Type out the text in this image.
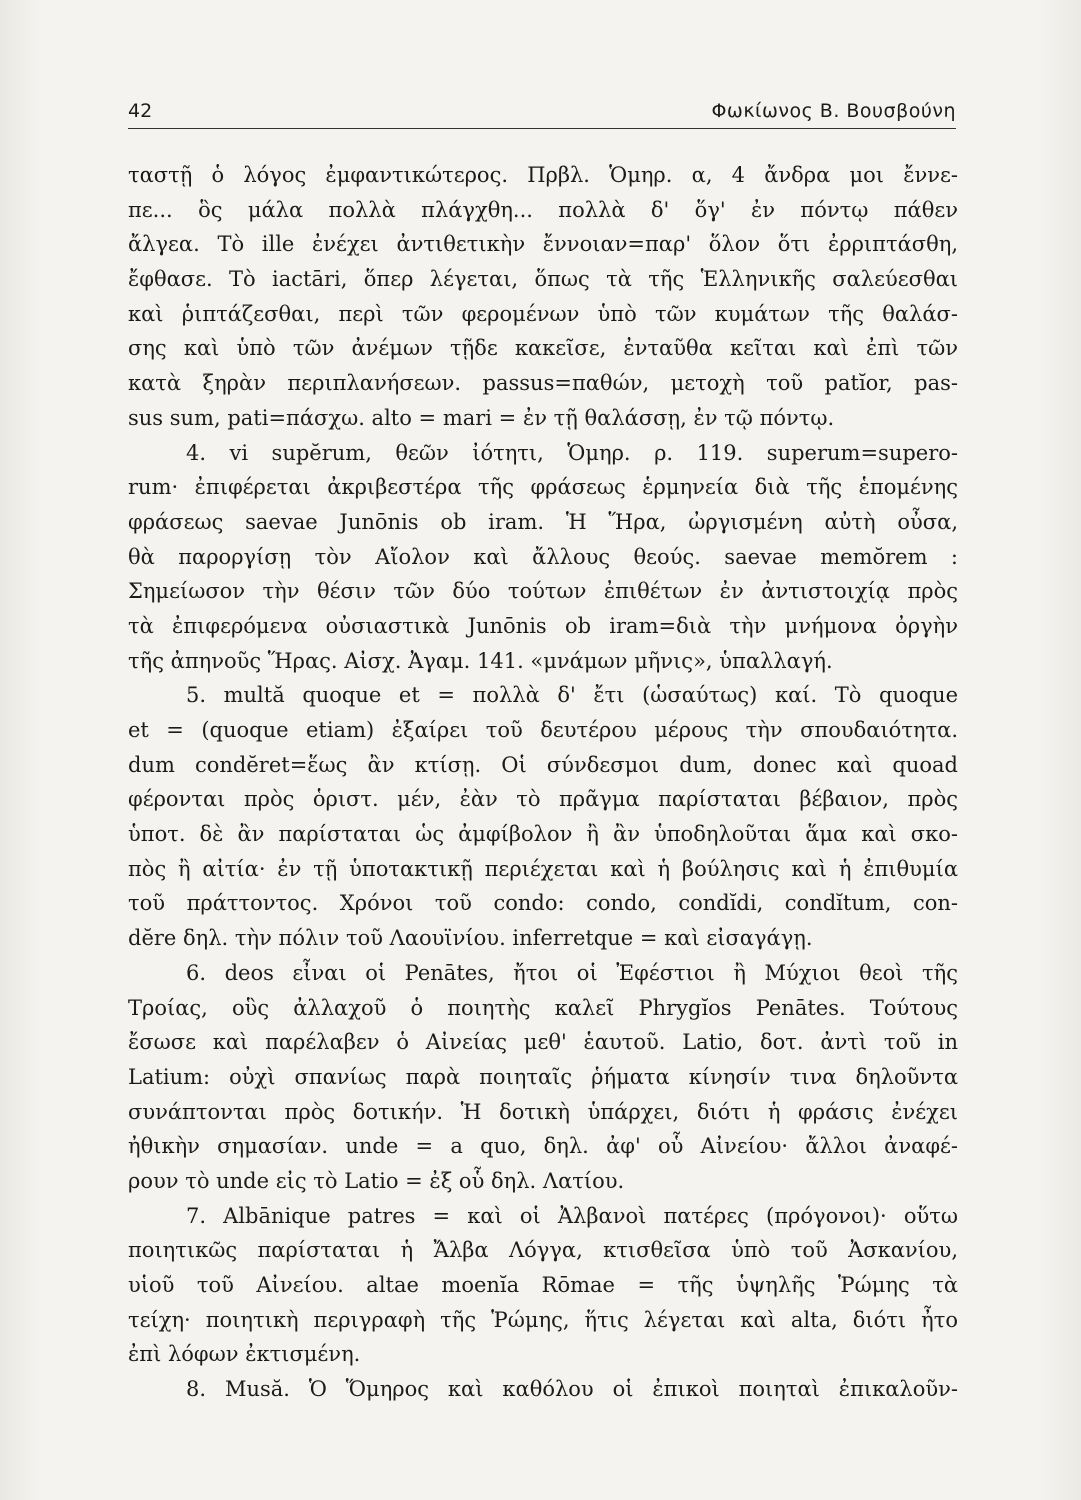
42	Φωκίωνος Β. Βουσβούνη
ταστῇ ὁ λόγος ἐμφαντικώτερος. Πρβλ. Ὁμηρ. α, 4 ἄνδρα μοι ἔννε-
πε... ὃς μάλα πολλὰ πλάγχθη... πολλὰ δ' ὅγ' ἐν πόντῳ πάθεν
ἄλγεα. Τὸ ille ἐνέχει ἀντιθετικὴν ἔννοιαν=παρ' ὅλον ὅτι ἐρριπτάσθη,
ἔφθασε. Τὸ iactāri, ὅπερ λέγεται, ὅπως τὰ τῆς Ἑλληνικῆς σαλεύεσθαι
καὶ ῥιπτάζεσθαι, περὶ τῶν φερομένων ὑπὸ τῶν κυμάτων τῆς θαλάσ-
σης καὶ ὑπὸ τῶν ἀνέμων τῇδε κακεῖσε, ἐνταῦθα κεῖται καὶ ἐπὶ τῶν
κατὰ ξηρὰν περιπλανήσεων. passus=παθών, μετοχὴ τοῦ patĭor, pas-
sus sum, pati=πάσχω. alto = mari = ἐν τῇ θαλάσσῃ, ἐν τῷ πόντῳ.
4. vi supĕrum, θεῶν ἰότητι, Ὁμηρ. ρ. 119. superum=supero-
rum· ἐπιφέρεται ἀκριβεστέρα τῆς φράσεως ἑρμηνεία διὰ τῆς ἑπομένης
φράσεως saevae Junōnis ob iram. Ἡ Ἥρα, ὠργισμένη αὐτὴ οὖσα,
θὰ παροργίσῃ τὸν Αἴολον καὶ ἄλλους θεούς. saevae memŏrem :
Σημείωσον τὴν θέσιν τῶν δύο τούτων ἐπιθέτων ἐν ἀντιστοιχίᾳ πρὸς
τὰ ἐπιφερόμενα οὐσιαστικὰ Junōnis ob iram=διὰ τὴν μνήμονα ὀργὴν
τῆς ἀπηνοῦς Ἥρας. Αἰσχ. Ἀγαμ. 141. «μνάμων μῆνις», ὑπαλλαγή.
5. multă quoque et = πολλὰ δ' ἔτι (ὡσαύτως) καί. Τὸ quoque
et = (quoque etiam) ἐξαίρει τοῦ δευτέρου μέρους τὴν σπουδαιότητα.
dum condĕret=ἕως ἂν κτίσῃ. Οἱ σύνδεσμοι dum, donec καὶ quoad
φέρονται πρὸς ὁριστ. μέν, ἐὰν τὸ πρᾶγμα παρίσταται βέβαιον, πρὸς
ὑποτ. δὲ ἂν παρίσταται ὡς ἀμφίβολον ἢ ἂν ὑποδηλοῦται ἅμα καὶ σκο-
πὸς ἢ αἰτία· ἐν τῇ ὑποτακτικῇ περιέχεται καὶ ἡ βούλησις καὶ ἡ ἐπιθυμία
τοῦ πράττοντος. Χρόνοι τοῦ condo: condo, condĭdi, condĭtum, con-
dĕre δηλ. τὴν πόλιν τοῦ Λαουϊνίου. inferretque = καὶ εἰσαγάγῃ.
6. deos εἶναι οἱ Penātes, ἤτοι οἱ Ἐφέστιοι ἢ Μύχιοι θεοὶ τῆς
Τροίας, οὓς ἀλλαχοῦ ὁ ποιητὴς καλεῖ Phrygĭos Penātes. Τούτους
ἔσωσε καὶ παρέλαβεν ὁ Αἰνείας μεθ' ἑαυτοῦ. Latio, δοτ. ἀντὶ τοῦ in
Latium: οὐχὶ σπανίως παρὰ ποιηταῖς ῥήματα κίνησίν τινα δηλοῦντα
συνάπτονται πρὸς δοτικήν. Ἡ δοτικὴ ὑπάρχει, διότι ἡ φράσις ἐνέχει
ἠθικὴν σημασίαν. unde = a quo, δηλ. ἀφ' οὗ Αἰνείου· ἄλλοι ἀναφέ-
ρουν τὸ unde εἰς τὸ Latio = ἐξ οὗ δηλ. Λατίου.
7. Albānique patres = καὶ οἱ Ἀλβανοὶ πατέρες (πρόγονοι)· οὕτω
ποιητικῶς παρίσταται ἡ Ἄλβα Λόγγα, κτισθεῖσα ὑπὸ τοῦ Ἀσκανίου,
υἱοῦ τοῦ Αἰνείου. altae moenĭa Rōmae = τῆς ὑψηλῆς Ῥώμης τὰ
τείχη· ποιητικὴ περιγραφὴ τῆς Ῥώμης, ἥτις λέγεται καὶ alta, διότι ἦτο
ἐπὶ λόφων ἐκτισμένη.
8. Musă. Ὁ Ὅμηρος καὶ καθόλου οἱ ἐπικοὶ ποιηταὶ ἐπικαλοῦν-
